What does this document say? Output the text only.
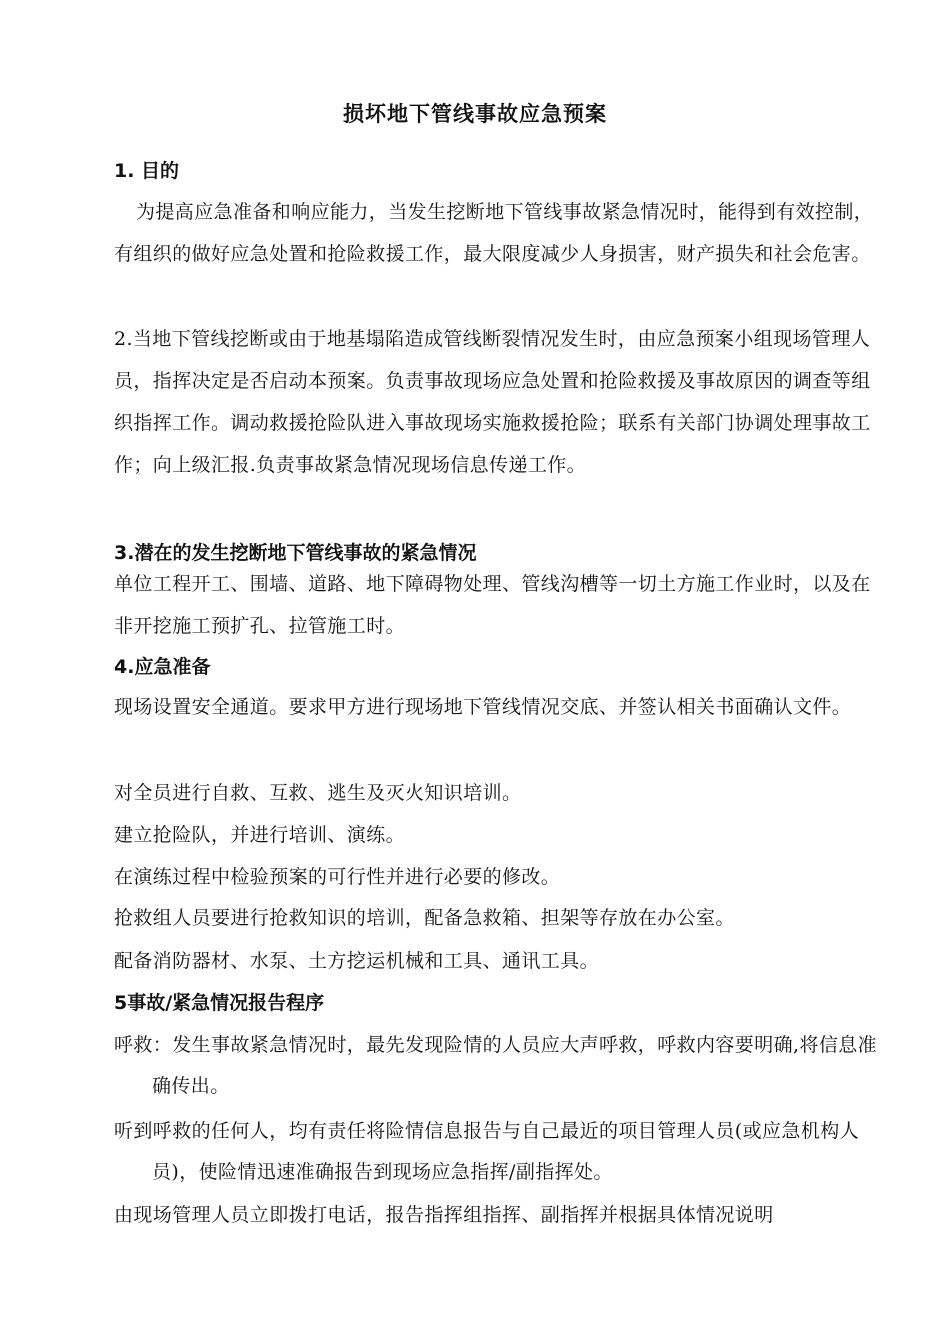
损坏地下管线事故应急预案
1. 目的
为提高应急准备和响应能力，当发生挖断地下管线事故紧急情况时，能得到有效控制，有组织的做好应急处置和抢险救援工作，最大限度减少人身损害，财产损失和社会危害。
2.当地下管线挖断或由于地基塌陷造成管线断裂情况发生时，由应急预案小组现场管理人员，指挥决定是否启动本预案。负责事故现场应急处置和抢险救援及事故原因的调查等组织指挥工作。调动救援抢险队进入事故现场实施救援抢险；联系有关部门协调处理事故工作；向上级汇报.负责事故紧急情况现场信息传递工作。
3.潜在的发生挖断地下管线事故的紧急情况
单位工程开工、围墙、道路、地下障碍物处理、管线沟槽等一切土方施工作业时，以及在非开挖施工预扩孔、拉管施工时。
4.应急准备
现场设置安全通道。要求甲方进行现场地下管线情况交底、并签认相关书面确认文件。
对全员进行自救、互救、逃生及灭火知识培训。
建立抢险队，并进行培训、演练。
在演练过程中检验预案的可行性并进行必要的修改。
抢救组人员要进行抢救知识的培训，配备急救箱、担架等存放在办公室。
配备消防器材、水泵、土方挖运机械和工具、通讯工具。
5事故/紧急情况报告程序
呼救：发生事故紧急情况时，最先发现险情的人员应大声呼救，呼救内容要明确,将信息准确传出。
听到呼救的任何人，均有责任将险情信息报告与自己最近的项目管理人员(或应急机构人员)，使险情迅速准确报告到现场应急指挥/副指挥处。
由现场管理人员立即拨打电话，报告指挥组指挥、副指挥并根据具体情况说明
